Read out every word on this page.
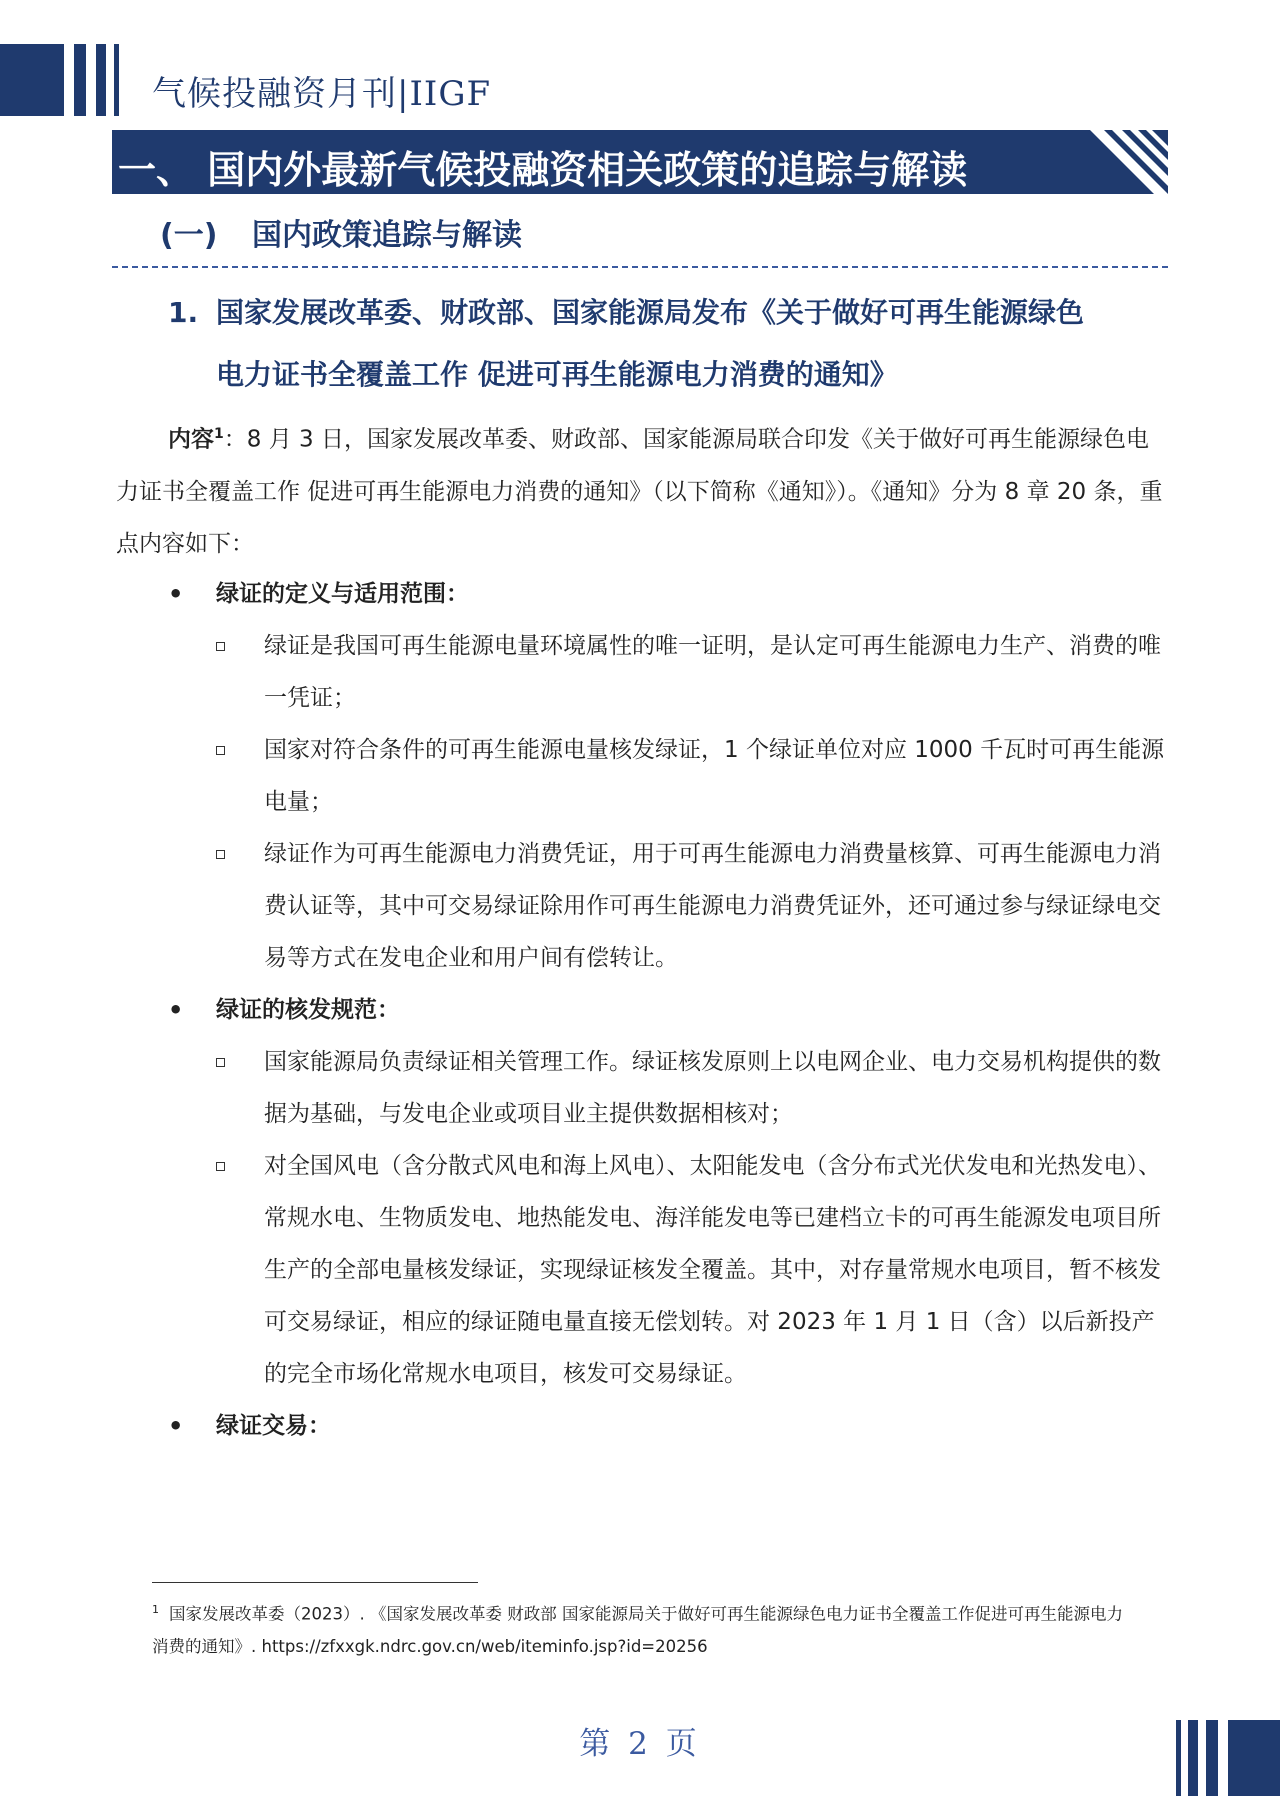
气候投融资月刊|IIGF
一、 国内外最新气候投融资相关政策的追踪与解读
(一) 国内政策追踪与解读
1. 国家发展改革委、财政部、国家能源局发布《关于做好可再生能源绿色
电力证书全覆盖工作 促进可再生能源电力消费的通知》

内容$^1$：8 月 3 日，国家发展改革委、财政部、国家能源局联合印发《关于做好可再生能源绿色电力证书全覆盖工作 促进可再生能源电力消费的通知》（以下简称《通知》）。《通知》分为 8 章 20 条，重点内容如下：

• 绿证的定义与适用范围：

绿证是我国可再生能源电量环境属性的唯一证明，是认定可再生能源电力生产、消费的唯一凭证；
国家对符合条件的可再生能源电量核发绿证，1 个绿证单位对应 1000 千瓦时可再生能源电量；
绿证作为可再生能源电力消费凭证，用于可再生能源电力消费量核算、可再生能源电力消费认证等，其中可交易绿证除用作可再生能源电力消费凭证外，还可通过参与绿证绿电交易等方式在发电企业和用户间有偿转让。

• 绿证的核发规范：

国家能源局负责绿证相关管理工作。绿证核发原则上以电网企业、电力交易机构提供的数据为基础，与发电企业或项目业主提供数据相核对；
对全国风电（含分散式风电和海上风电）、太阳能发电（含分布式光伏发电和光热发电）、常规水电、生物质发电、地热能发电、海洋能发电等已建档立卡的可再生能源发电项目所生产的全部电量核发绿证，实现绿证核发全覆盖。其中，对存量常规水电项目，暂不核发可交易绿证，相应的绿证随电量直接无偿划转。对 2023 年 1 月 1 日（含）以后新投产的完全市场化常规水电项目，核发可交易绿证。

• 绿证交易：

$^1$ 国家发展改革委（2023）. 《国家发展改革委 财政部 国家能源局关于做好可再生能源绿色电力证书全覆盖工作促进可再生能源电力消费的通知》. https://zfxxgk.ndrc.gov.cn/web/iteminfo.jsp?id=20256

第 2 页
